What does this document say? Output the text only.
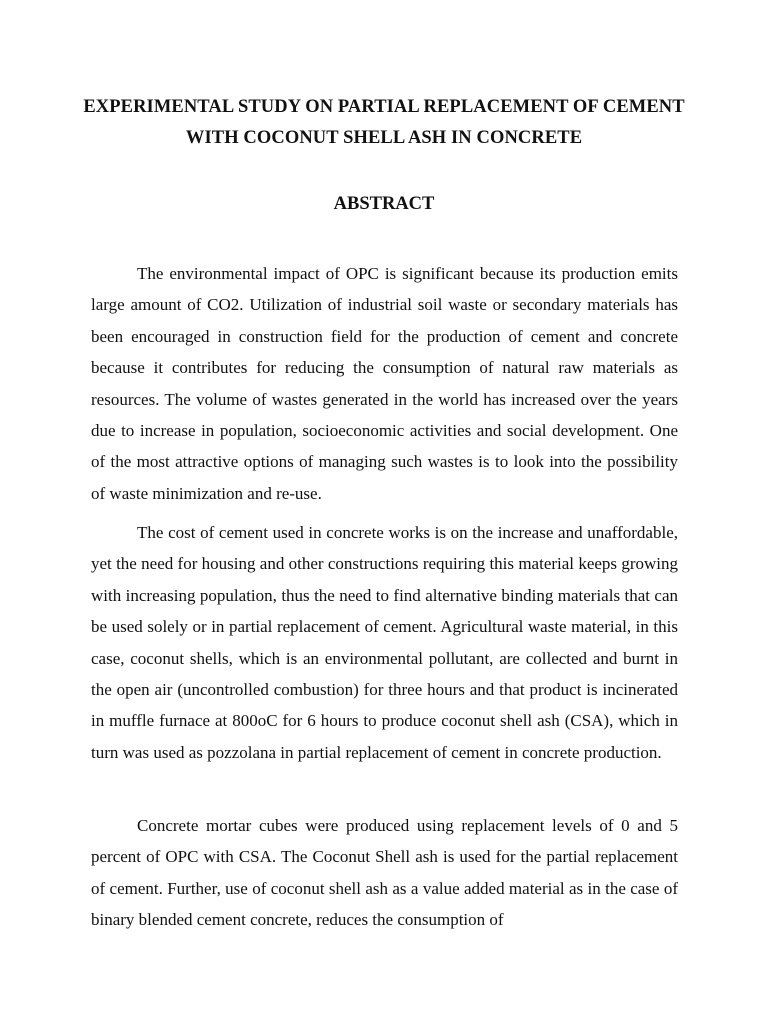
EXPERIMENTAL STUDY ON PARTIAL REPLACEMENT OF CEMENT WITH COCONUT SHELL ASH IN CONCRETE
ABSTRACT

The environmental impact of OPC is significant because its production emits large amount of CO2. Utilization of industrial soil waste or secondary materials has been encouraged in construction field for the production of cement and concrete because it contributes for reducing the consumption of natural raw materials as resources. The volume of wastes generated in the world has increased over the years due to increase in population, socioeconomic activities and social development. One of the most attractive options of managing such wastes is to look into the possibility of waste minimization and re-use.

The cost of cement used in concrete works is on the increase and unaffordable, yet the need for housing and other constructions requiring this material keeps growing with increasing population, thus the need to find alternative binding materials that can be used solely or in partial replacement of cement. Agricultural waste material, in this case, coconut shells, which is an environmental pollutant, are collected and burnt in the open air (uncontrolled combustion) for three hours and that product is incinerated in muffle furnace at 800oC for 6 hours to produce coconut shell ash (CSA), which in turn was used as pozzolana in partial replacement of cement in concrete production.

Concrete mortar cubes were produced using replacement levels of 0 and 5 percent of OPC with CSA. The Coconut Shell ash is used for the partial replacement of cement. Further, use of coconut shell ash as a value added material as in the case of binary blended cement concrete, reduces the consumption of
